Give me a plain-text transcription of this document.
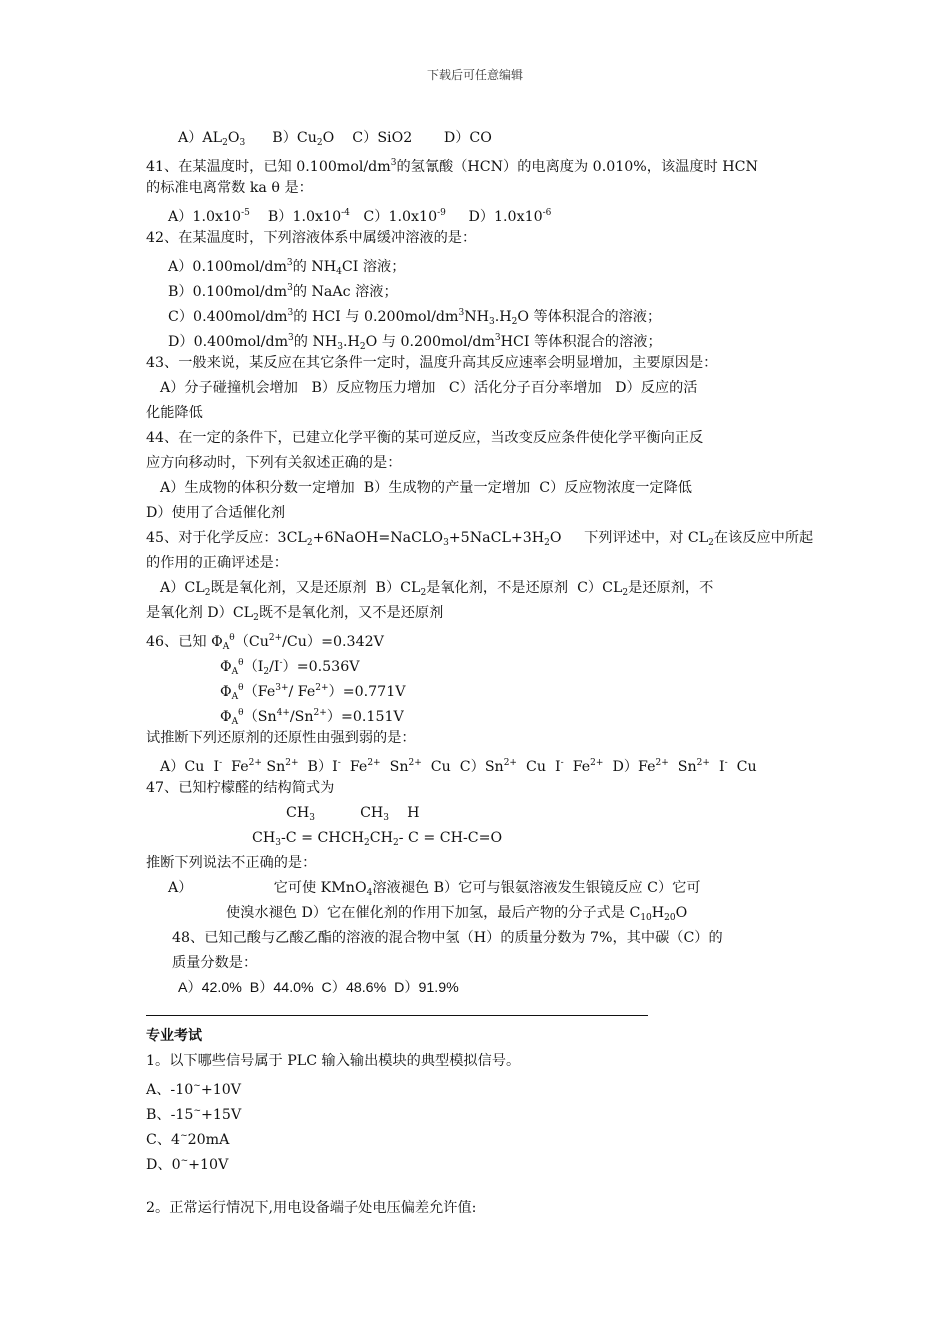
下载后可任意编辑
$A)AL_2O_3$      $B)Cu_2O$    C）SiO2       D）CO
41、在某温度时，已知 $0.100mol/dm^3$的氢氰酸（HCN）的电离度为 0.010%，该温度时 HCN
的标准电离常数 ka θ 是：
$A)1.0x10^{-5}$    $B)1.0x10^{-4}$   $C)1.0x10^{-9}$     $D)1.0x10^{-6}$
42、在某温度时，下列溶液体系中属缓冲溶液的是：
$A)0.100mol/dm^3$的 $NH_4CI$ 溶液；
$B)0.100mol/dm^3$的 NaAc 溶液；
$C)0.400mol/dm^3$的 HCI 与 $0.200mol/dm^3NH_3.H_2O$ 等体积混合的溶液；
$D)0.400mol/dm^3$的 $NH_3.H_2O$ 与 $0.200mol/dm^3HCI$ 等体积混合的溶液；
43、一般来说，某反应在其它条件一定时，温度升高其反应速率会明显增加，主要原因是：
A）分子碰撞机会增加   B）反应物压力增加   C）活化分子百分率增加   D）反应的活
化能降低
44、在一定的条件下，已建立化学平衡的某可逆反应，当改变反应条件使化学平衡向正反
应方向移动时，下列有关叙述正确的是：
A）生成物的体积分数一定增加  B）生成物的产量一定增加  C）反应物浓度一定降低
D）使用了合适催化剂
45、对于化学反应：$3CL_2+6NaOH=NaCLO_3+5NaCL+3H_2O$     下列评述中，对 $CL_2$在该反应中所起
的作用的正确评述是：
$A)CL_2$既是氧化剂，又是还原剂  $B)CL_2$是氧化剂，不是还原剂  $C)CL_2$是还原剂，不
是氧化剂 $D)CL_2$既不是氧化剂，又不是还原剂
46、已知 $\Phi_A^\theta(Cu^{2+}/Cu)=0.342V$
$\Phi_A^\theta(I_2/I^-)=0.536V$
$\Phi_A^\theta(Fe^{3+}/$ $Fe^{2+})=0.771V$
$\Phi_A^\theta(Sn^{4+}/Sn^{2+})=0.151V$
试推断下列还原剂的还原性由强到弱的是：
A）Cu  I-  $Fe^{2+}$ $Sn^{2+}$  B）I-  $Fe^{2+}$  $Sn^{2+}$  Cu  $C)Sn^{2+}$  Cu  I-  $Fe^{2+}$  $D)Fe^{2+}$  $Sn^{2+}$  I-  Cu
47、已知柠檬醛的结构简式为
$CH_3$          $CH_3$    H
$CH_3-C$ = $CHCH_2CH_2-$ C = CH-C=O
推断下列说法不正确的是：
A）                  它可使 KMnO$_4$溶液褪色 B）它可与银氨溶液发生银镜反应 C）它可
使溴水褪色 D）它在催化剂的作用下加氢，最后产物的分子式是 $C_{10}H_{20}O$
48、已知己酸与乙酸乙酯的溶液的混合物中氢（H）的质量分数为 7%，其中碳（C）的
质量分数是：
A）42.0%  B）44.0%  C）48.6%  D）91.9%
专业考试
1。以下哪些信号属于 PLC 输入输出模块的典型模拟信号。
A、-10~+10V
B、-15~+15V
C、4~20mA
D、0~+10V
2。正常运行情况下,用电设备端子处电压偏差允许值:
